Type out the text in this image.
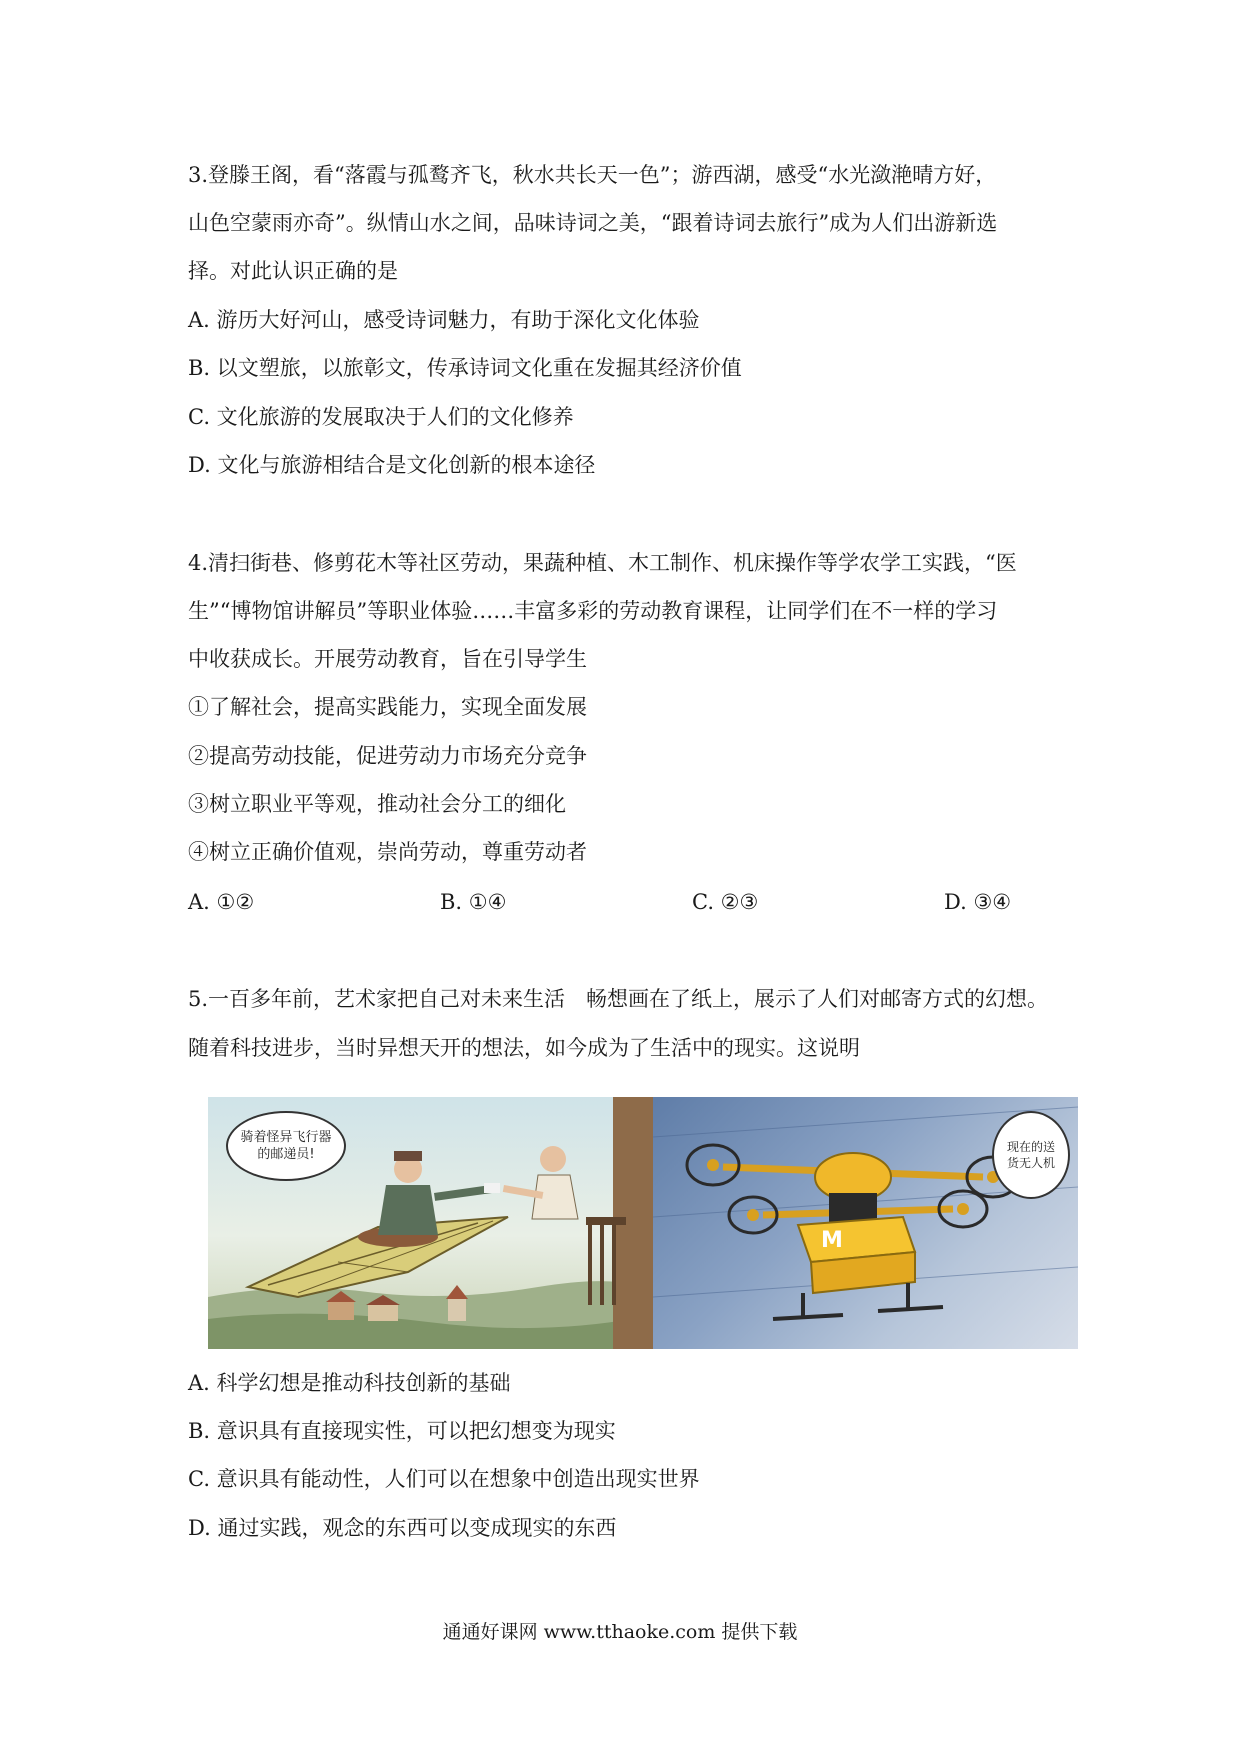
3.登滕王阁，看“落霞与孤鹜齐飞，秋水共长天一色”；游西湖，感受“水光潋滟晴方好，
山色空蒙雨亦奇”。纵情山水之间，品味诗词之美，“跟着诗词去旅行”成为人们出游新选
择。对此认识正确的是
A. 游历大好河山，感受诗词魅力，有助于深化文化体验
B. 以文塑旅，以旅彰文，传承诗词文化重在发掘其经济价值
C. 文化旅游的发展取决于人们的文化修养
D. 文化与旅游相结合是文化创新的根本途径
4.清扫街巷、修剪花木等社区劳动，果蔬种植、木工制作、机床操作等学农学工实践，“医
生”“博物馆讲解员”等职业体验……丰富多彩的劳动教育课程，让同学们在不一样的学习
中收获成长。开展劳动教育，旨在引导学生
①了解社会，提高实践能力，实现全面发展
②提高劳动技能，促进劳动力市场充分竞争
③树立职业平等观，推动社会分工的细化
④树立正确价值观，崇尚劳动，尊重劳动者
A. ①②	B. ①④	C. ②③	D. ③④
5.一百多年前，艺术家把自己对未来生活　畅想画在了纸上，展示了人们对邮寄方式的幻想。
随着科技进步，当时异想天开的想法，如今成为了生活中的现实。这说明
骑着怪异飞行器的邮递员!
M
现在的送货无人机
A. 科学幻想是推动科技创新的基础
B. 意识具有直接现实性，可以把幻想变为现实
C. 意识具有能动性，人们可以在想象中创造出现实世界
D. 通过实践，观念的东西可以变成现实的东西
通通好课网 www.tthaoke.com 提供下载
